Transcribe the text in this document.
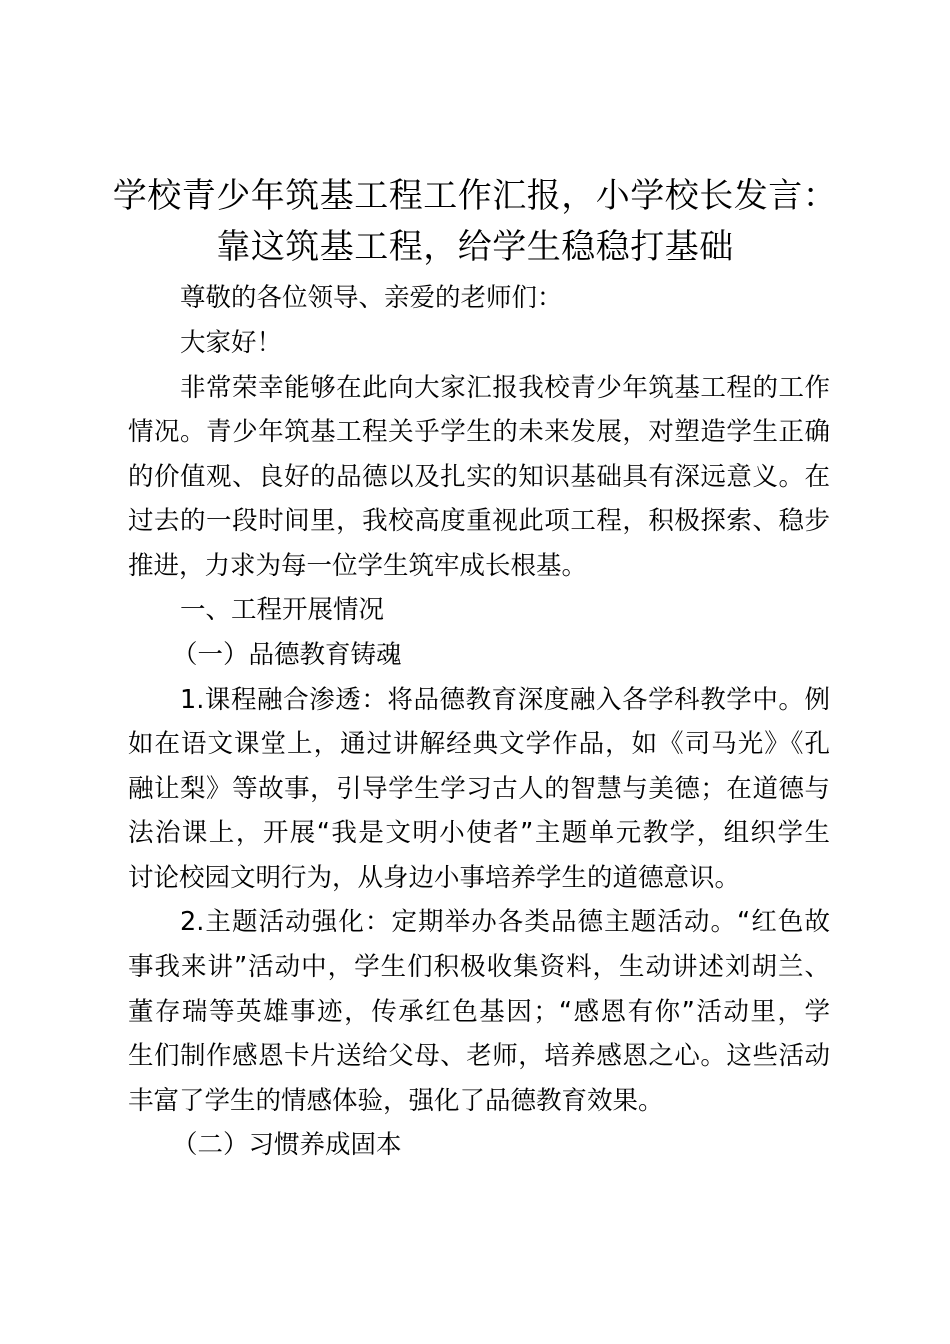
学校青少年筑基工程工作汇报，小学校长发言：
靠这筑基工程，给学生稳稳打基础

尊敬的各位领导、亲爱的老师们：

大家好！

非常荣幸能够在此向大家汇报我校青少年筑基工程的工作

情况。青少年筑基工程关乎学生的未来发展，对塑造学生正确

的价值观、良好的品德以及扎实的知识基础具有深远意义。在

过去的一段时间里，我校高度重视此项工程，积极探索、稳步

推进，力求为每一位学生筑牢成长根基。

一、工程开展情况

（一）品德教育铸魂

1.课程融合渗透：将品德教育深度融入各学科教学中。例

如在语文课堂上，通过讲解经典文学作品，如《司马光》《孔

融让梨》等故事，引导学生学习古人的智慧与美德；在道德与

法治课上，开展“我是文明小使者”主题单元教学，组织学生

讨论校园文明行为，从身边小事培养学生的道德意识。

2.主题活动强化：定期举办各类品德主题活动。“红色故

事我来讲”活动中，学生们积极收集资料，生动讲述刘胡兰、

董存瑞等英雄事迹，传承红色基因；“感恩有你”活动里，学

生们制作感恩卡片送给父母、老师，培养感恩之心。这些活动

丰富了学生的情感体验，强化了品德教育效果。

（二）习惯养成固本
